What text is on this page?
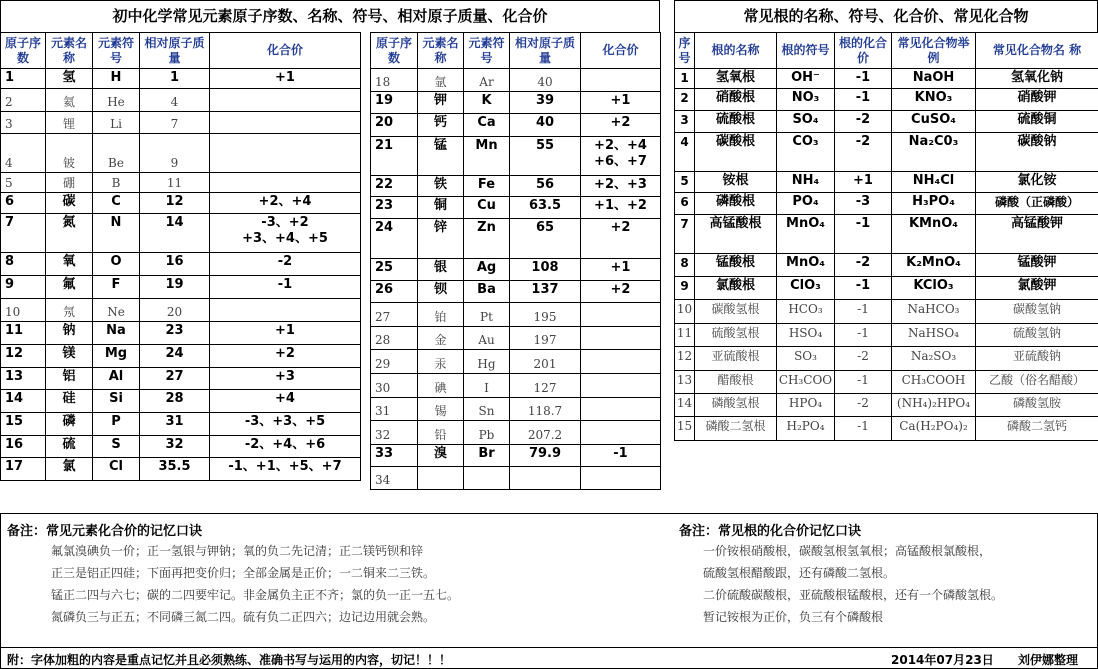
初中化学常见元素原子序数、名称、符号、相对原子质量、化合价	常见根的名称、符号、化合价、常见化合物
原子序数	元素名称	元素符号	相对原子质量	化合价
1	氢	H	1	+1

2	氦	He	4	

3	锂	Li	7	

4	铍	Be	9	

5	硼	B	11	

6	碳	C	12	+2、+4

7	氮	N	14	-3、+2
+3、+4、+5

8	氧	O	16	-2

9	氟	F	19	-1

10	氖	Ne	20	

11	钠	Na	23	+1

12	镁	Mg	24	+2

13	铝	Al	27	+3

14	硅	Si	28	+4

15	磷	P	31	-3、+3、+5

16	硫	S	32	-2、+4、+6

17	氯	Cl	35.5	-1、+1、+5、+7
原子序数	元素名称	元素符号	相对原子质量	化合价
18	氩	Ar	40	

19	钾	K	39	+1

20	钙	Ca	40	+2

21	锰	Mn	55	+2、+4
+6、+7

22	铁	Fe	56	+2、+3

23	铜	Cu	63.5	+1、+2

24	锌	Zn	65	+2

25	银	Ag	108	+1

26	钡	Ba	137	+2

27	铂	Pt	195	

28	金	Au	197	

29	汞	Hg	201	

30	碘	I	127	

31	锡	Sn	118.7	

32	铅	Pb	207.2	

33	溴	Br	79.9	-1

34				
序号	根的名称	根的符号	根的化合价	常见化合物举例	常见化合物名 称
1	氢氧根	OH⁻	-1	NaOH	氢氧化钠
2	硝酸根	NO₃	-1	KNO₃	硝酸钾
3	硫酸根	SO₄	-2	CuSO₄	硫酸铜
4	碳酸根	CO₃	-2	Na₂C0₃	碳酸钠
5	铵根	NH₄	+1	NH₄Cl	氯化铵
6	磷酸根	PO₄	-3	H₃PO₄	磷酸（正磷酸）
7	高锰酸根	MnO₄	-1	KMnO₄	高锰酸钾
8	锰酸根	MnO₄	-2	K₂MnO₄	锰酸钾
9	氯酸根	ClO₃	-1	KClO₃	氯酸钾
10	碳酸氢根	HCO₃	-1	NaHCO₃	碳酸氢钠
11	硫酸氢根	HSO₄	-1	NaHSO₄	硫酸氢钠
12	亚硫酸根	SO₃	-2	Na₂SO₃	亚硫酸钠
13	醋酸根	CH₃COO	-1	CH₃COOH	乙酸（俗名醋酸）
14	磷酸氢根	HPO₄	-2	(NH₄)₂HPO₄	磷酸氢胺
15	磷酸二氢根	H₂PO₄	-1	Ca(H₂PO₄)₂	磷酸二氢钙
备注：常见元素化合价的记忆口诀
氟氯溴碘负一价；正一氢银与钾钠；氧的负二先记清；正二镁钙钡和锌
正三是铝正四硅；下面再把变价归；全部金属是正价；一二铜来二三铁。
锰正二四与六七；碳的二四要牢记。非金属负主正不齐；氯的负一正一五七。
氮磷负三与正五；不同磷三氮二四。硫有负二正四六；边记边用就会熟。
备注：常见根的化合价记忆口诀
一价铵根硝酸根，碳酸氢根氢氧根；高锰酸根氯酸根，
硫酸氢根醋酸跟，还有磷酸二氢根。
二价硫酸碳酸根，亚硫酸根锰酸根，还有一个磷酸氢根。
暂记铵根为正价，负三有个磷酸根
附：字体加粗的内容是重点记忆并且必须熟练、准确书写与运用的内容，切记！！！	2014年07月23日 刘伊娜整理
